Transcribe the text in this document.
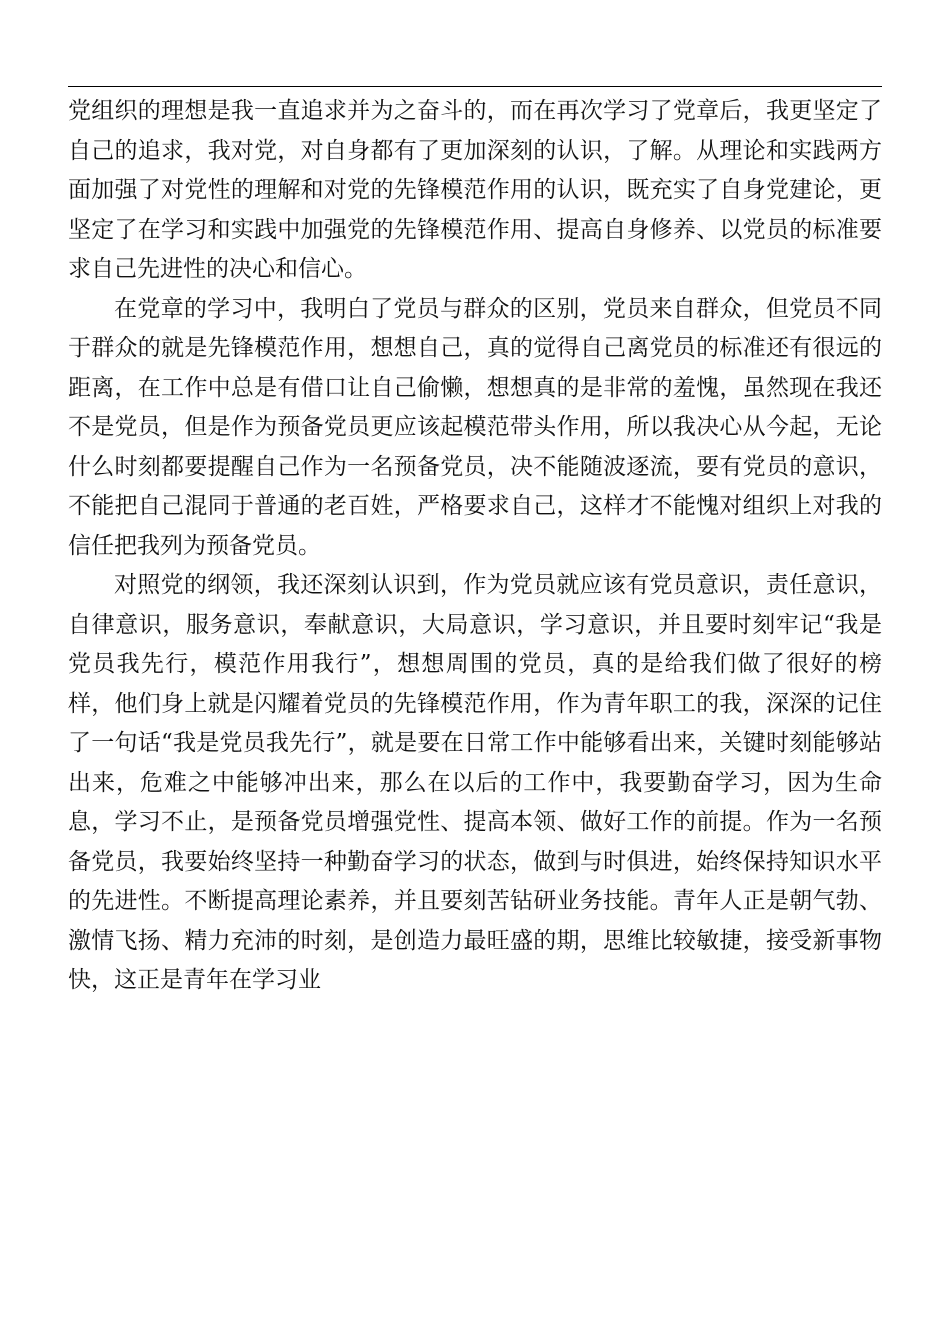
党组织的理想是我一直追求并为之奋斗的，而在再次学习了党章后，我更坚定了自己的追求，我对党，对自身都有了更加深刻的认识，了解。从理论和实践两方面加强了对党性的理解和对党的先锋模范作用的认识，既充实了自身党建论，更坚定了在学习和实践中加强党的先锋模范作用、提高自身修养、以党员的标准要求自己先进性的决心和信心。

在党章的学习中，我明白了党员与群众的区别，党员来自群众，但党员不同于群众的就是先锋模范作用，想想自己，真的觉得自己离党员的标准还有很远的距离，在工作中总是有借口让自己偷懒，想想真的是非常的羞愧，虽然现在我还不是党员，但是作为预备党员更应该起模范带头作用，所以我决心从今起，无论什么时刻都要提醒自己作为一名预备党员，决不能随波逐流，要有党员的意识，不能把自己混同于普通的老百姓，严格要求自己，这样才不能愧对组织上对我的信任把我列为预备党员。

对照党的纲领，我还深刻认识到，作为党员就应该有党员意识，责任意识，自律意识，服务意识，奉献意识，大局意识，学习意识，并且要时刻牢记“我是党员我先行，模范作用我行”，想想周围的党员，真的是给我们做了很好的榜样，他们身上就是闪耀着党员的先锋模范作用，作为青年职工的我，深深的记住了一句话“我是党员我先行”，就是要在日常工作中能够看出来，关键时刻能够站出来，危难之中能够冲出来，那么在以后的工作中，我要勤奋学习，因为生命息，学习不止，是预备党员增强党性、提高本领、做好工作的前提。作为一名预备党员，我要始终坚持一种勤奋学习的状态，做到与时俱进，始终保持知识水平的先进性。不断提高理论素养，并且要刻苦钻研业务技能。青年人正是朝气勃、激情飞扬、精力充沛的时刻，是创造力最旺盛的期，思维比较敏捷，接受新事物快，这正是青年在学习业
